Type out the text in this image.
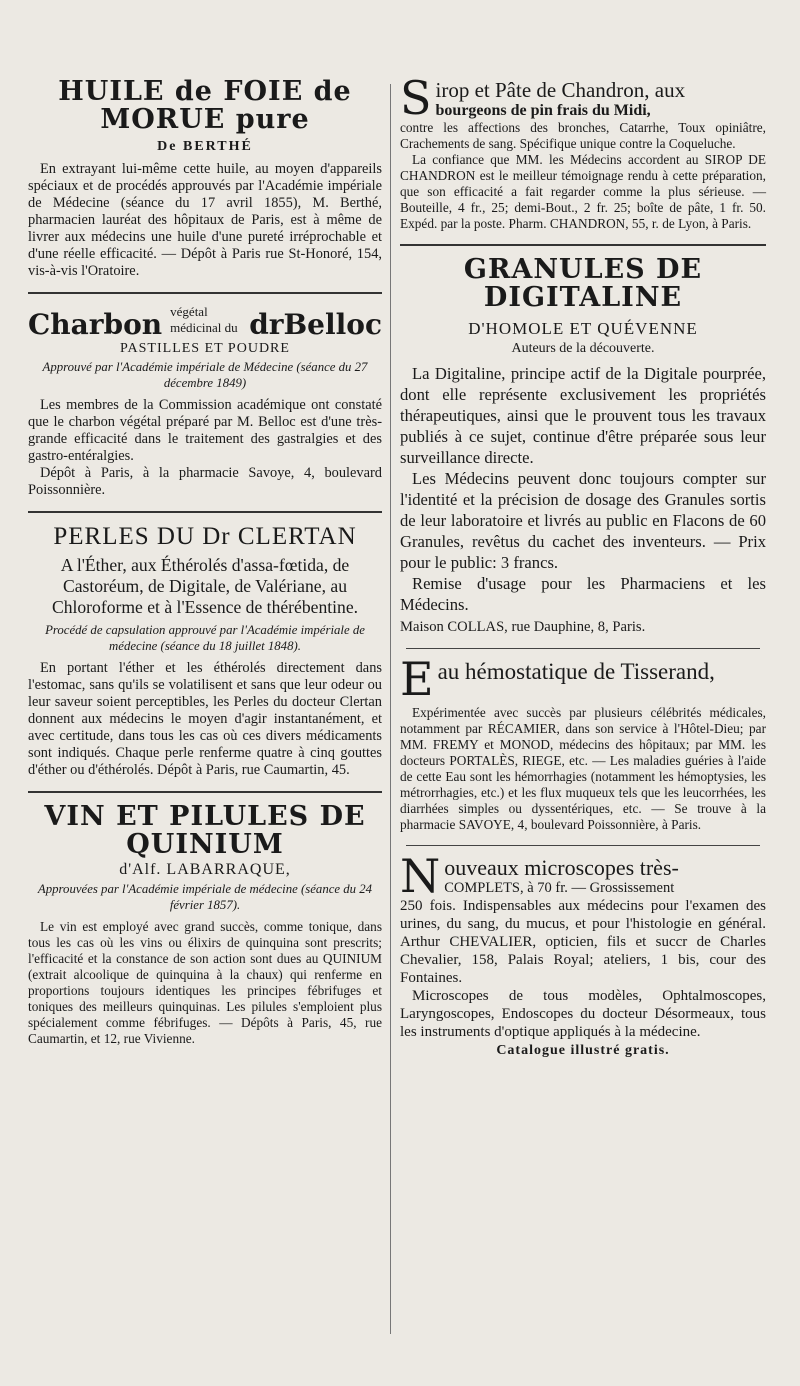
HUILE de FOIE de MORUE pure
De BERTHÉ

En extrayant lui-même cette huile, au moyen d'appareils spéciaux et de procédés approuvés par l'Académie impériale de Médecine (séance du 17 avril 1855), M. Berthé, pharmacien lauréat des hôpitaux de Paris, est à même de livrer aux médecins une huile d'une pureté irréprochable et d'une réelle efficacité. — Dépôt à Paris rue St-Honoré, 154, vis-à-vis l'Oratoire.

Charbon végétal médicinal du drBelloc
PASTILLES ET POUDRE
Approuvé par l'Académie impériale de Médecine (séance du 27 décembre 1849)

Les membres de la Commission académique ont constaté que le charbon végétal préparé par M. Belloc est d'une très-grande efficacité dans le traitement des gastralgies et des gastro-entéralgies.

Dépôt à Paris, à la pharmacie Savoye, 4, boulevard Poissonnière.

PERLES DU Dr CLERTAN
A l'Éther, aux Éthérolés d'assa-fœtida, de Castoréum, de Digitale, de Valériane, au Chloroforme et à l'Essence de thérébentine.
Procédé de capsulation approuvé par l'Académie impériale de médecine (séance du 18 juillet 1848).

En portant l'éther et les éthérolés directement dans l'estomac, sans qu'ils se volatilisent et sans que leur odeur ou leur saveur soient perceptibles, les Perles du docteur Clertan donnent aux médecins le moyen d'agir instantanément, et avec certitude, dans tous les cas où ces divers médicaments sont indiqués. Chaque perle renferme quatre à cinq gouttes d'éther ou d'éthérolés. Dépôt à Paris, rue Caumartin, 45.

VIN ET PILULES DE QUINIUM
d'Alf. LABARRAQUE,
Approuvées par l'Académie impériale de médecine (séance du 24 février 1857).

Le vin est employé avec grand succès, comme tonique, dans tous les cas où les vins ou élixirs de quinquina sont prescrits; l'efficacité et la constance de son action sont dues au QUINIUM (extrait alcoolique de quinquina à la chaux) qui renferme en proportions toujours identiques les principes fébrifuges et toniques des meilleurs quinquinas. Les pilules s'emploient plus spécialement comme fébrifuges. — Dépôts à Paris, 45, rue Caumartin, et 12, rue Vivienne.

S irop et Pâte de Chandron, aux
bourgeons de pin frais du Midi,

contre les affections des bronches, Catarrhe, Toux opiniâtre, Crachements de sang. Spécifique unique contre la Coqueluche.

La confiance que MM. les Médecins accordent au SIROP DE CHANDRON est le meilleur témoignage rendu à cette préparation, que son efficacité a fait regarder comme la plus sérieuse. — Bouteille, 4 fr., 25; demi-Bout., 2 fr. 25; boîte de pâte, 1 fr. 50. Expéd. par la poste. Pharm. CHANDRON, 55, r. de Lyon, à Paris.

GRANULES DE DIGITALINE
D'HOMOLE ET QUÉVENNE
Auteurs de la découverte.

La Digitaline, principe actif de la Digitale pourprée, dont elle représente exclusivement les propriétés thérapeutiques, ainsi que le prouvent tous les travaux publiés à ce sujet, continue d'être préparée sous leur surveillance directe.

Les Médecins peuvent donc toujours compter sur l'identité et la précision de dosage des Granules sortis de leur laboratoire et livrés au public en Flacons de 60 Granules, revêtus du cachet des inventeurs. — Prix pour le public: 3 francs.

Remise d'usage pour les Pharmaciens et les Médecins.

Maison COLLAS, rue Dauphine, 8, Paris.

E au hémostatique de Tisserand,

Expérimentée avec succès par plusieurs célébrités médicales, notamment par RÉCAMIER, dans son service à l'Hôtel-Dieu; par MM. FREMY et MONOD, médecins des hôpitaux; par MM. les docteurs PORTALÈS, RIEGE, etc. — Les maladies guéries à l'aide de cette Eau sont les hémorrhagies (notamment les hémoptysies, les métrorrhagies, etc.) et les flux muqueux tels que les leucorrhées, les diarrhées simples ou dyssentériques, etc. — Se trouve à la pharmacie SAVOYE, 4, boulevard Poissonnière, à Paris.

N ouveaux microscopes très-
COMPLETS, à 70 fr. — Grossissement

250 fois. Indispensables aux médecins pour l'examen des urines, du sang, du mucus, et pour l'histologie en général. Arthur CHEVALIER, opticien, fils et succr de Charles Chevalier, 158, Palais Royal; ateliers, 1 bis, cour des Fontaines.

Microscopes de tous modèles, Ophtalmoscopes, Laryngoscopes, Endoscopes du docteur Désormeaux, tous les instruments d'optique appliqués à la médecine.

Catalogue illustré gratis.
